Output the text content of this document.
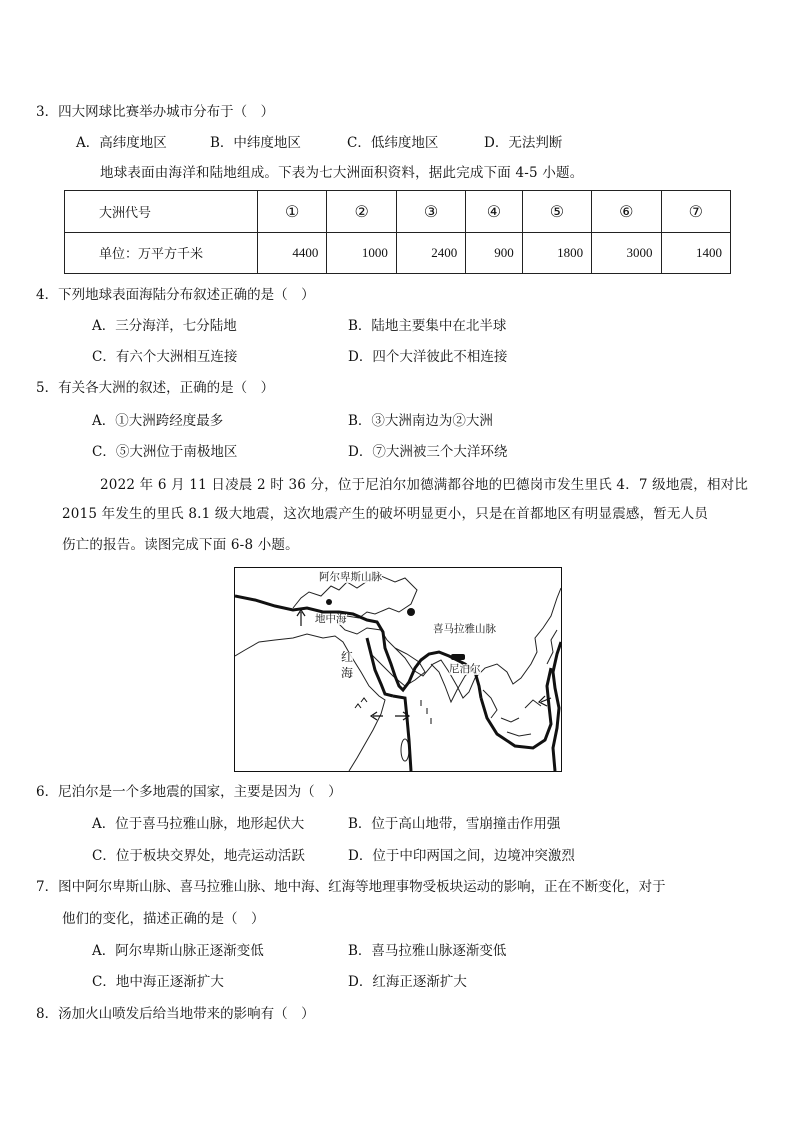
3．四大网球比赛举办城市分布于（　）
A．高纬度地区	B．中纬度地区	C．低纬度地区	D．无法判断
地球表面由海洋和陆地组成。下表为七大洲面积资料，据此完成下面 4-5 小题。
大洲代号	①	②	③	④	⑤	⑥	⑦
单位：万平方千米	4400	1000	2400	900	1800	3000	1400
4．下列地球表面海陆分布叙述正确的是（　）
A．三分海洋，七分陆地	B．陆地主要集中在北半球
C．有六个大洲相互连接	D．四个大洋彼此不相连接
5．有关各大洲的叙述，正确的是（　）
A．①大洲跨经度最多	B．③大洲南边为②大洲
C．⑤大洲位于南极地区	D．⑦大洲被三个大洋环绕
2022 年 6 月 11 日凌晨 2 时 36 分，位于尼泊尔加德满都谷地的巴德岗市发生里氏 4．7 级地震，相对比
2015 年发生的里氏 8.1 级大地震，这次地震产生的破坏明显更小，只是在首都地区有明显震感，暂无人员
伤亡的报告。读图完成下面 6-8 小题。
阿尔卑斯山脉
地中海
喜马拉雅山脉
尼泊尔
红
海
6．尼泊尔是一个多地震的国家，主要是因为（　）
A．位于喜马拉雅山脉，地形起伏大	B．位于高山地带，雪崩撞击作用强
C．位于板块交界处，地壳运动活跃	D．位于中印两国之间，边境冲突激烈
7．图中阿尔卑斯山脉、喜马拉雅山脉、地中海、红海等地理事物受板块运动的影响，正在不断变化，对于
他们的变化，描述正确的是（　）
A．阿尔卑斯山脉正逐渐变低	B．喜马拉雅山脉逐渐变低
C．地中海正逐渐扩大	D．红海正逐渐扩大
8．汤加火山喷发后给当地带来的影响有（　）
